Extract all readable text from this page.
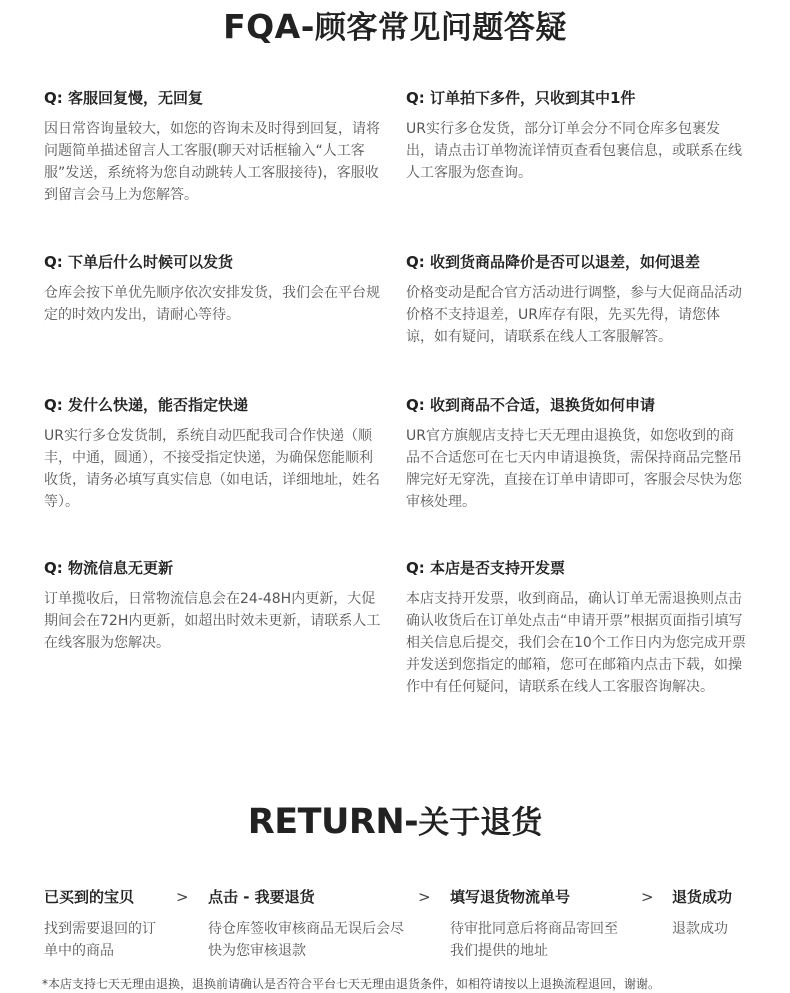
FQA-顾客常见问题答疑
Q: 客服回复慢，无回复
因日常咨询量较大，如您的咨询未及时得到回复，请将问题简单描述留言人工客服(聊天对话框输入“人工客服”发送，系统将为您自动跳转人工客服接待)，客服收到留言会马上为您解答。
Q: 订单拍下多件，只收到其中1件
UR实行多仓发货，部分订单会分不同仓库多包裹发出，请点击订单物流详情页查看包裹信息，或联系在线人工客服为您查询。
Q: 下单后什么时候可以发货
仓库会按下单优先顺序依次安排发货，我们会在平台规定的时效内发出，请耐心等待。
Q: 收到货商品降价是否可以退差，如何退差
价格变动是配合官方活动进行调整，参与大促商品活动价格不支持退差，UR库存有限，先买先得，请您体谅，如有疑问，请联系在线人工客服解答。
Q: 发什么快递，能否指定快递
UR实行多仓发货制，系统自动匹配我司合作快递（顺丰，中通，圆通），不接受指定快递，为确保您能顺利收货，请务必填写真实信息（如电话，详细地址，姓名等）。
Q: 收到商品不合适，退换货如何申请
UR官方旗舰店支持七天无理由退换货，如您收到的商品不合适您可在七天内申请退换货，需保持商品完整吊牌完好无穿洗，直接在订单申请即可，客服会尽快为您审核处理。
Q: 物流信息无更新
订单揽收后，日常物流信息会在24-48H内更新，大促期间会在72H内更新，如超出时效未更新，请联系人工在线客服为您解决。
Q: 本店是否支持开发票
本店支持开发票，收到商品，确认订单无需退换则点击确认收货后在订单处点击“申请开票”根据页面指引填写相关信息后提交，我们会在10个工作日内为您完成开票并发送到您指定的邮箱，您可在邮箱内点击下载，如操作中有任何疑问，请联系在线人工客服咨询解决。
RETURN-关于退货
已买到的宝贝
找到需要退回的订单中的商品
> 点击 - 我要退货
待仓库签收审核商品无误后会尽快为您审核退款
> 填写退货物流单号
待审批同意后将商品寄回至我们提供的地址
> 退货成功
退款成功
*本店支持七天无理由退换，退换前请确认是否符合平台七天无理由退货条件，如相符请按以上退换流程退回，谢谢。
